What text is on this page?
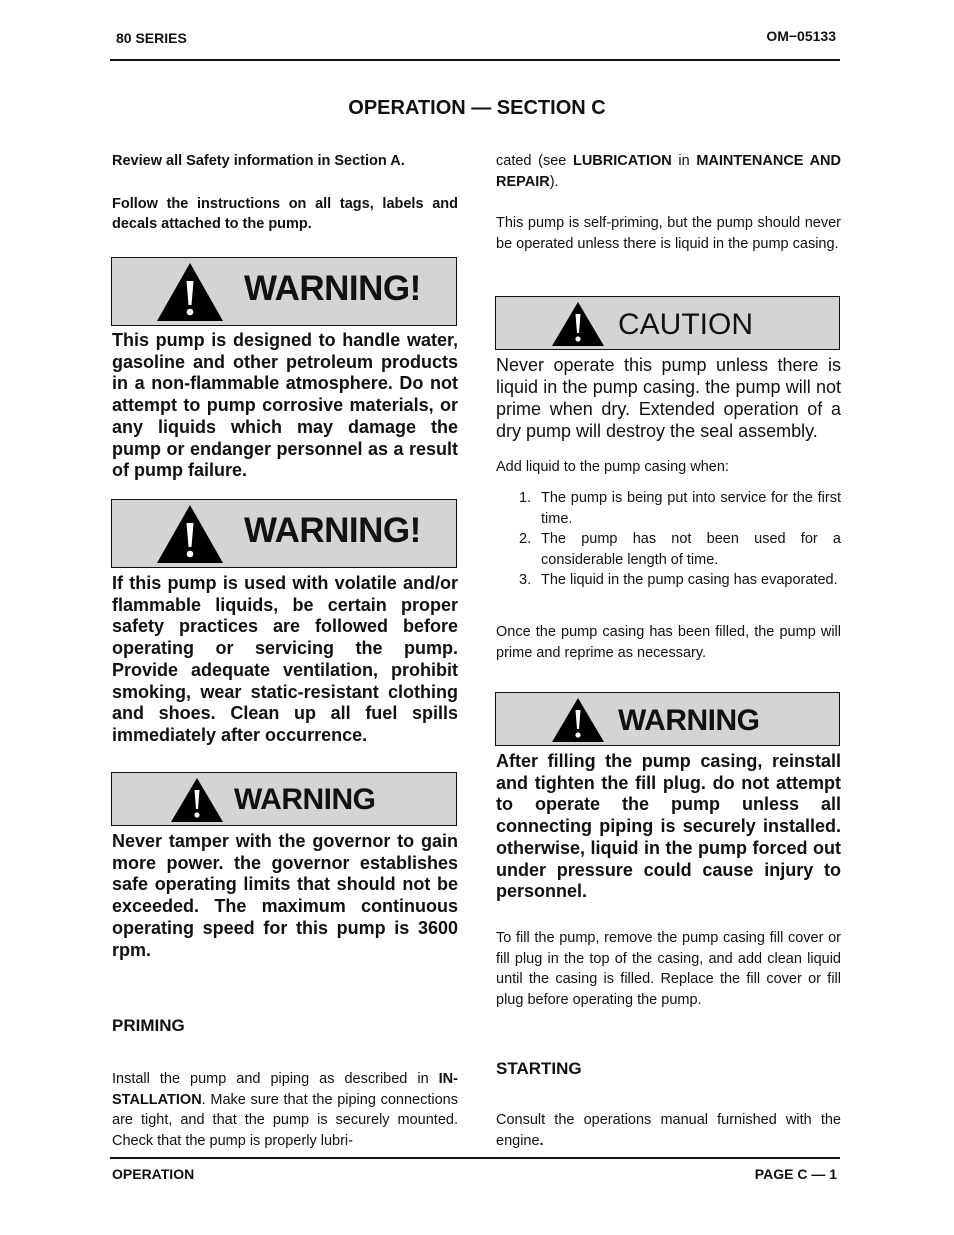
80 SERIES	OM−05133
OPERATION — SECTION C
Review all Safety information in Section A.
Follow the instructions on all tags, labels and decals attached to the pump.
WARNING!
This pump is designed to handle water, gasoline and other petroleum products in a non-flammable atmosphere. Do not attempt to pump corrosive materials, or any liquids which may damage the pump or endanger personnel as a result of pump failure.
WARNING!
If this pump is used with volatile and/or flammable liquids, be certain proper safety practices are followed before operating or servicing the pump. Provide adequate ventilation, prohibit smoking, wear static-resistant clothing and shoes. Clean up all fuel spills immediately after occurrence.
WARNING
Never tamper with the governor to gain more power. the governor establishes safe operating limits that should not be exceeded. The maximum continuous operating speed for this pump is 3600 rpm.
PRIMING
Install the pump and piping as described in IN-STALLATION. Make sure that the piping connections are tight, and that the pump is securely mounted. Check that the pump is properly lubri-
cated (see LUBRICATION in MAINTENANCE AND REPAIR).
This pump is self-priming, but the pump should never be operated unless there is liquid in the pump casing.
CAUTION
Never operate this pump unless there is liquid in the pump casing. the pump will not prime when dry. Extended operation of a dry pump will destroy the seal assembly.
Add liquid to the pump casing when:
1. The pump is being put into service for the first time.
2. The pump has not been used for a considerable length of time.
3. The liquid in the pump casing has evaporated.
Once the pump casing has been filled, the pump will prime and reprime as necessary.
WARNING
After filling the pump casing, reinstall and tighten the fill plug. do not attempt to operate the pump unless all connecting piping is securely installed. otherwise, liquid in the pump forced out under pressure could cause injury to personnel.
To fill the pump, remove the pump casing fill cover or fill plug in the top of the casing, and add clean liquid until the casing is filled. Replace the fill cover or fill plug before operating the pump.
STARTING
Consult the operations manual furnished with the engine.
OPERATION	PAGE C — 1
